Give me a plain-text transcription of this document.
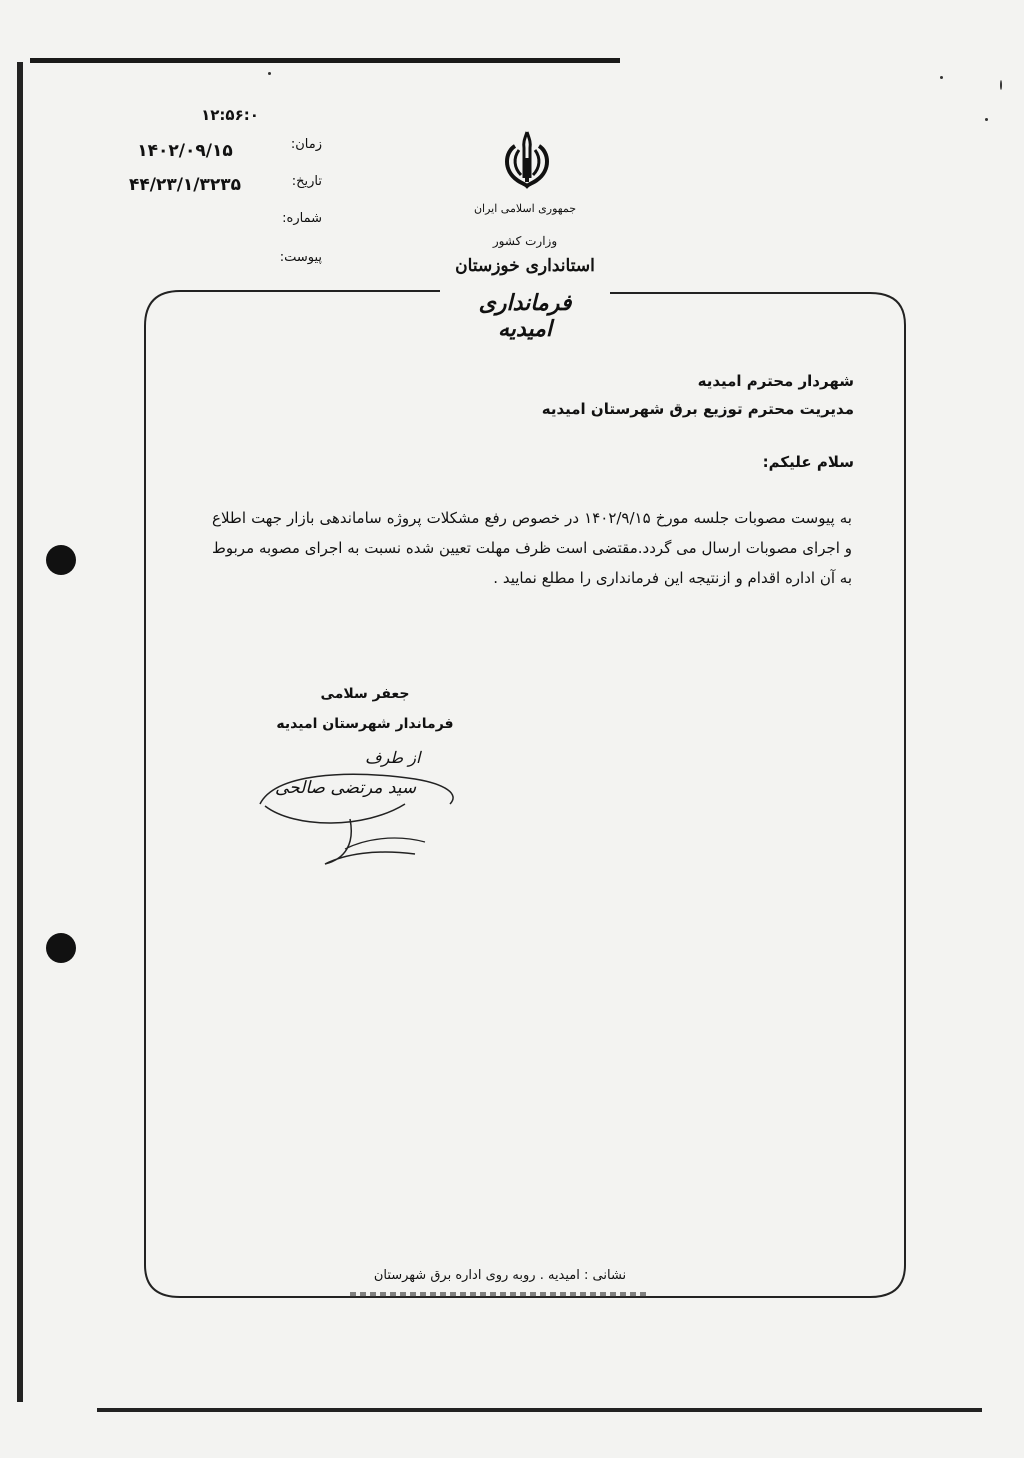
۱۲:۵۶:۰
زمان:
۱۴۰۲/۰۹/۱۵
تاریخ:
۴۴/۲۳/۱/۳۲۳۵
شماره:
پیوست:
جمهوری اسلامی ایران
وزارت کشور
استانداری خوزستان
فرمانداری امیدیه
شهردار محترم امیدیه
مدیریت محترم توزیع برق شهرستان امیدیه
سلام علیکم:
به پیوست مصوبات جلسه مورخ ۱۴۰۲/۹/۱۵ در خصوص رفع مشکلات پروژه ساماندهی بازار جهت اطلاع و اجرای مصوبات ارسال می گردد.مقتضی است ظرف مهلت تعیین شده نسبت به اجرای مصوبه مربوط به آن اداره اقدام و ازنتیجه این فرمانداری را مطلع نمایید .
جعفر سلامی
فرماندار شهرستان امیدیه
از طرف
سید مرتضی صالحی
نشانی : امیدیه . روبه روی اداره برق شهرستان
